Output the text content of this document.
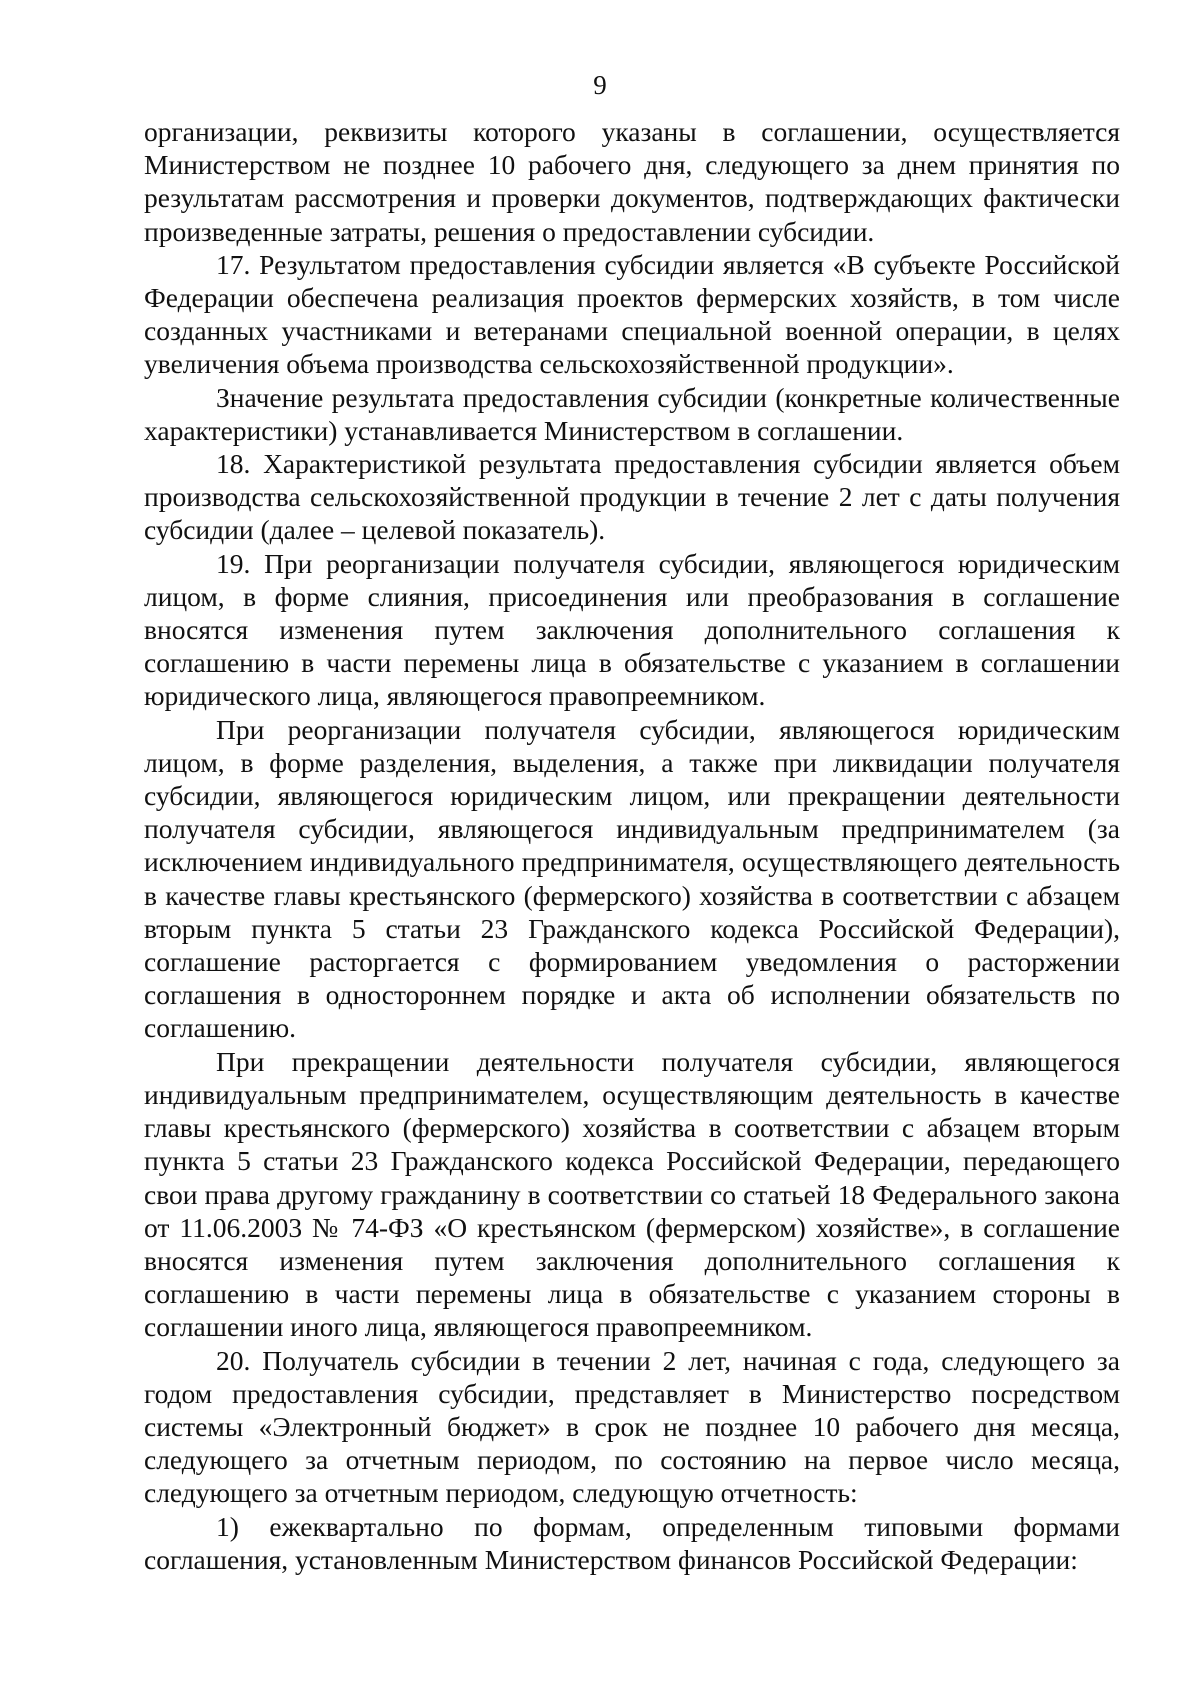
9

организации, реквизиты которого указаны в соглашении, осуществляется Министерством не позднее 10 рабочего дня, следующего за днем принятия по результатам рассмотрения и проверки документов, подтверждающих фактически произведенные затраты, решения о предоставлении субсидии.

17. Результатом предоставления субсидии является «В субъекте Российской Федерации обеспечена реализация проектов фермерских хозяйств, в том числе созданных участниками и ветеранами специальной военной операции, в целях увеличения объема производства сельскохозяйственной продукции».

Значение результата предоставления субсидии (конкретные количественные характеристики) устанавливается Министерством в соглашении.

18. Характеристикой результата предоставления субсидии является объем производства сельскохозяйственной продукции в течение 2 лет с даты получения субсидии (далее – целевой показатель).

19. При реорганизации получателя субсидии, являющегося юридическим лицом, в форме слияния, присоединения или преобразования в соглашение вносятся изменения путем заключения дополнительного соглашения к соглашению в части перемены лица в обязательстве с указанием в соглашении юридического лица, являющегося правопреемником.

При реорганизации получателя субсидии, являющегося юридическим лицом, в форме разделения, выделения, а также при ликвидации получателя субсидии, являющегося юридическим лицом, или прекращении деятельности получателя субсидии, являющегося индивидуальным предпринимателем (за исключением индивидуального предпринимателя, осуществляющего деятельность в качестве главы крестьянского (фермерского) хозяйства в соответствии с абзацем вторым пункта 5 статьи 23 Гражданского кодекса Российской Федерации), соглашение расторгается с формированием уведомления о расторжении соглашения в одностороннем порядке и акта об исполнении обязательств по соглашению.

При прекращении деятельности получателя субсидии, являющегося индивидуальным предпринимателем, осуществляющим деятельность в качестве главы крестьянского (фермерского) хозяйства в соответствии с абзацем вторым пункта 5 статьи 23 Гражданского кодекса Российской Федерации, передающего свои права другому гражданину в соответствии со статьей 18 Федерального закона от 11.06.2003 № 74-ФЗ «О крестьянском (фермерском) хозяйстве», в соглашение вносятся изменения путем заключения дополнительного соглашения к соглашению в части перемены лица в обязательстве с указанием стороны в соглашении иного лица, являющегося правопреемником.

20. Получатель субсидии в течении 2 лет, начиная с года, следующего за годом предоставления субсидии, представляет в Министерство посредством системы «Электронный бюджет» в срок не позднее 10 рабочего дня месяца, следующего за отчетным периодом, по состоянию на первое число месяца, следующего за отчетным периодом, следующую отчетность:

1) ежеквартально по формам, определенным типовыми формами соглашения, установленным Министерством финансов Российской Федерации:
